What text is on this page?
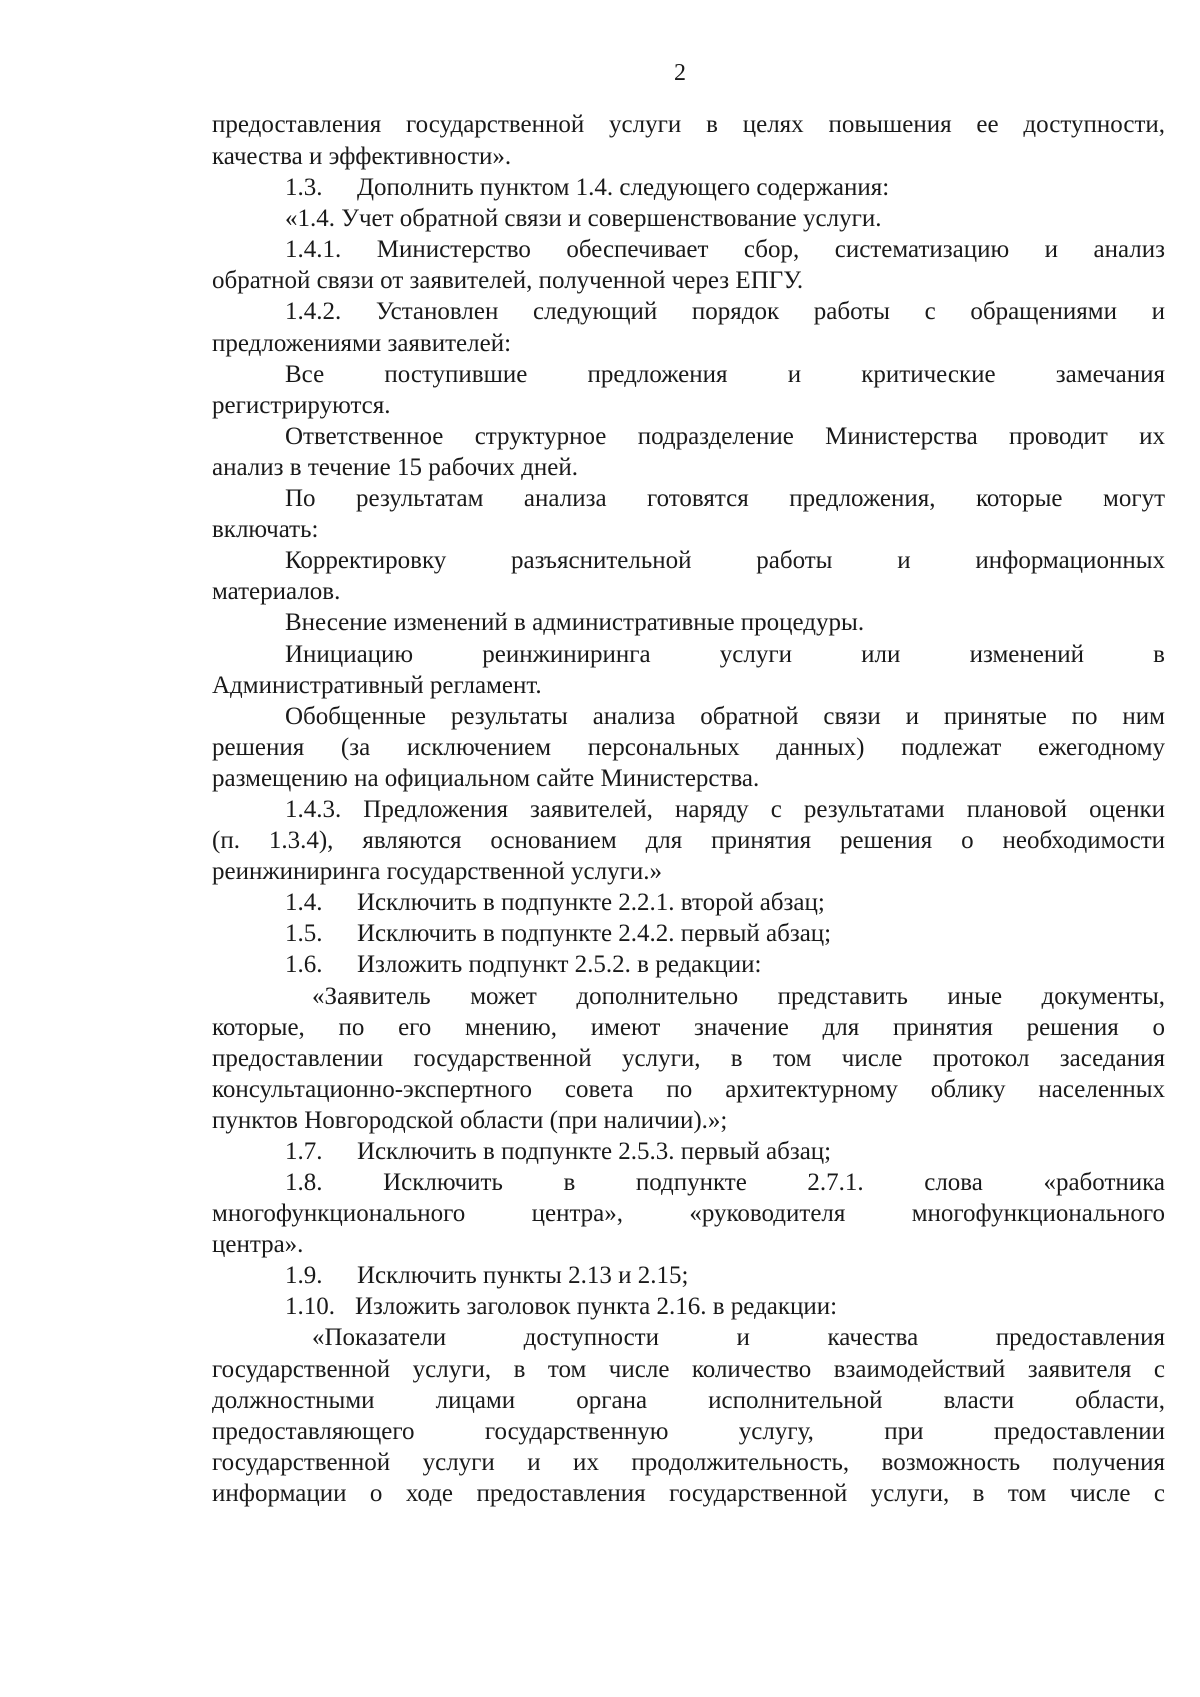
2
предоставления государственной услуги в целях повышения ее доступности,
качества и эффективности».
1.3. Дополнить пунктом 1.4. следующего содержания:
«1.4. Учет обратной связи и совершенствование услуги.
1.4.1. Министерство обеспечивает сбор, систематизацию и анализ
обратной связи от заявителей, полученной через ЕПГУ.
1.4.2. Установлен следующий порядок работы с обращениями и
предложениями заявителей:
Все поступившие предложения и критические замечания
регистрируются.
Ответственное структурное подразделение Министерства проводит их
анализ в течение 15 рабочих дней.
По результатам анализа готовятся предложения, которые могут
включать:
Корректировку разъяснительной работы и информационных
материалов.
Внесение изменений в административные процедуры.
Инициацию реинжиниринга услуги или изменений в
Административный регламент.
Обобщенные результаты анализа обратной связи и принятые по ним
решения (за исключением персональных данных) подлежат ежегодному
размещению на официальном сайте Министерства.
1.4.3. Предложения заявителей, наряду с результатами плановой оценки
(п. 1.3.4), являются основанием для принятия решения о необходимости
реинжиниринга государственной услуги.»
1.4. Исключить в подпункте 2.2.1. второй абзац;
1.5. Исключить в подпункте 2.4.2. первый абзац;
1.6. Изложить подпункт 2.5.2. в редакции:
«Заявитель может дополнительно представить иные документы,
которые, по его мнению, имеют значение для принятия решения о
предоставлении государственной услуги, в том числе протокол заседания
консультационно-экспертного совета по архитектурному облику населенных
пунктов Новгородской области (при наличии).»;
1.7. Исключить в подпункте 2.5.3. первый абзац;
1.8. Исключить в подпункте 2.7.1. слова «работника
многофункционального центра», «руководителя многофункционального
центра».
1.9. Исключить пункты 2.13 и 2.15;
1.10. Изложить заголовок пункта 2.16. в редакции:
«Показатели доступности и качества предоставления
государственной услуги, в том числе количество взаимодействий заявителя с
должностными лицами органа исполнительной власти области,
предоставляющего государственную услугу, при предоставлении
государственной услуги и их продолжительность, возможность получения
информации о ходе предоставления государственной услуги, в том числе с
